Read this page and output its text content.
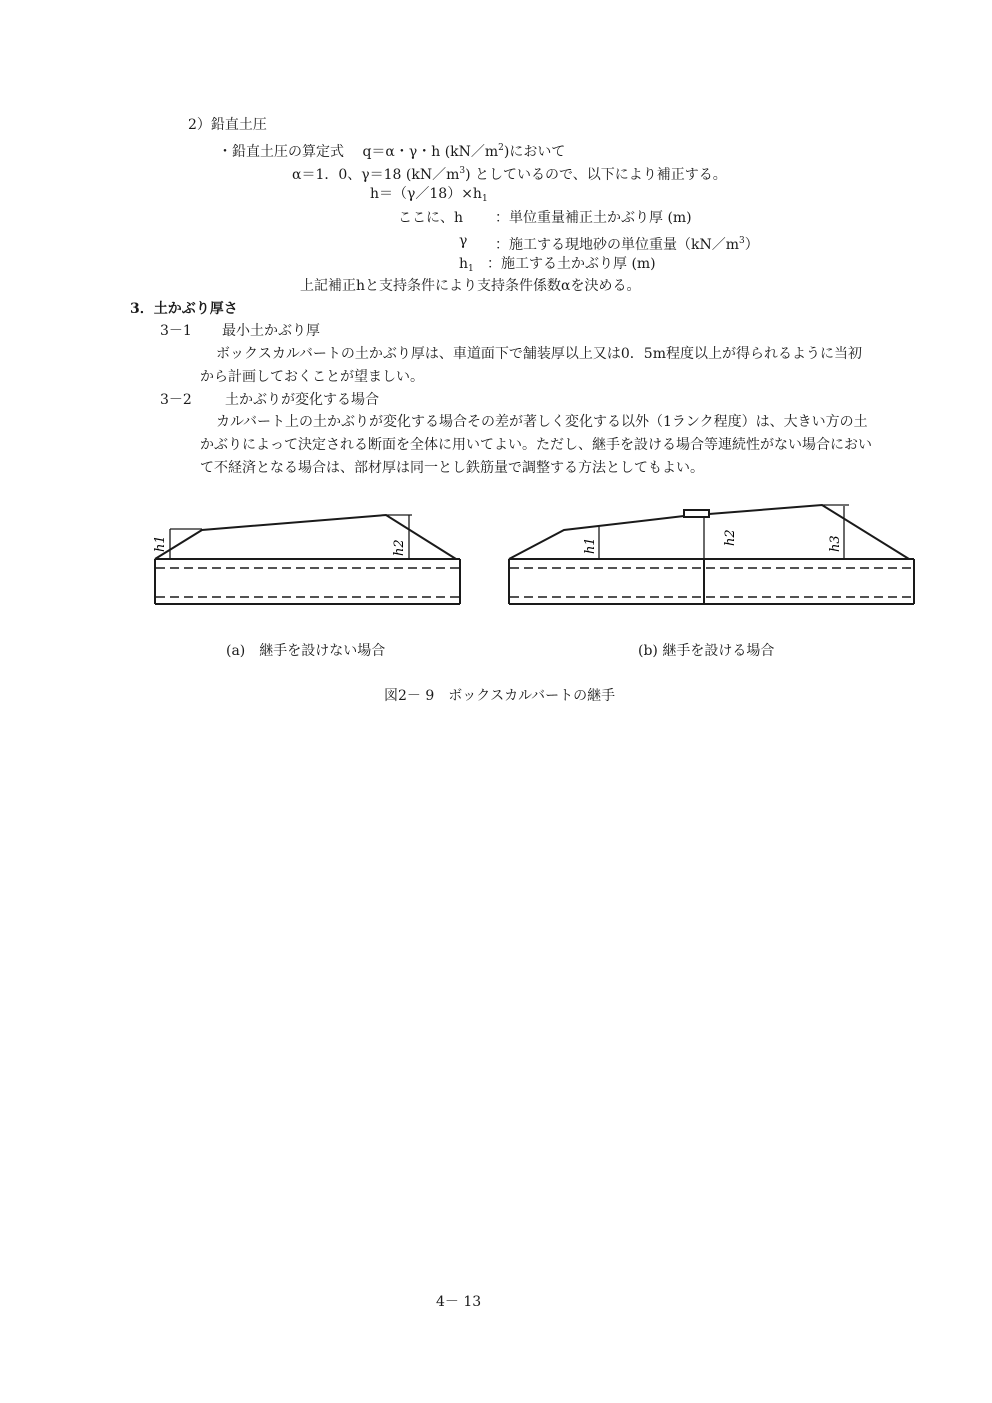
2）鉛直土圧
・鉛直土圧の算定式　 q＝α・γ・h $(kN/m^2)$において
α＝1．0、γ＝18 $(kN/m^3)$ としているので、以下により補正する。
$h=(\gamma/18)\times h_1$
ここに、h ：単位重量補正土かぶり厚 (m)
γ ：施工する現地砂の単位重量$(kN/m^3)$
$h_1$ ：施工する土かぶり厚 (m)
上記補正hと支持条件により支持条件係数αを決める。
3．土かぶり厚さ
3－1 最小土かぶり厚
ボックスカルバートの土かぶり厚は、車道面下で舗装厚以上又は0．5m程度以上が得られるように当初
から計画しておくことが望ましい。
3－2 土かぶりが変化する場合
カルバート上の土かぶりが変化する場合その差が著しく変化する以外（1ランク程度）は、大きい方の土
かぶりによって決定される断面を全体に用いてよい。ただし、継手を設ける場合等連続性がない場合におい
て不経済となる場合は、部材厚は同一とし鉄筋量で調整する方法としてもよい。
h1	h2	h1	h2	h3
(a)　継手を設けない場合	(b) 継手を設ける場合
図2－ 9　ボックスカルバートの継手
4－ 13
